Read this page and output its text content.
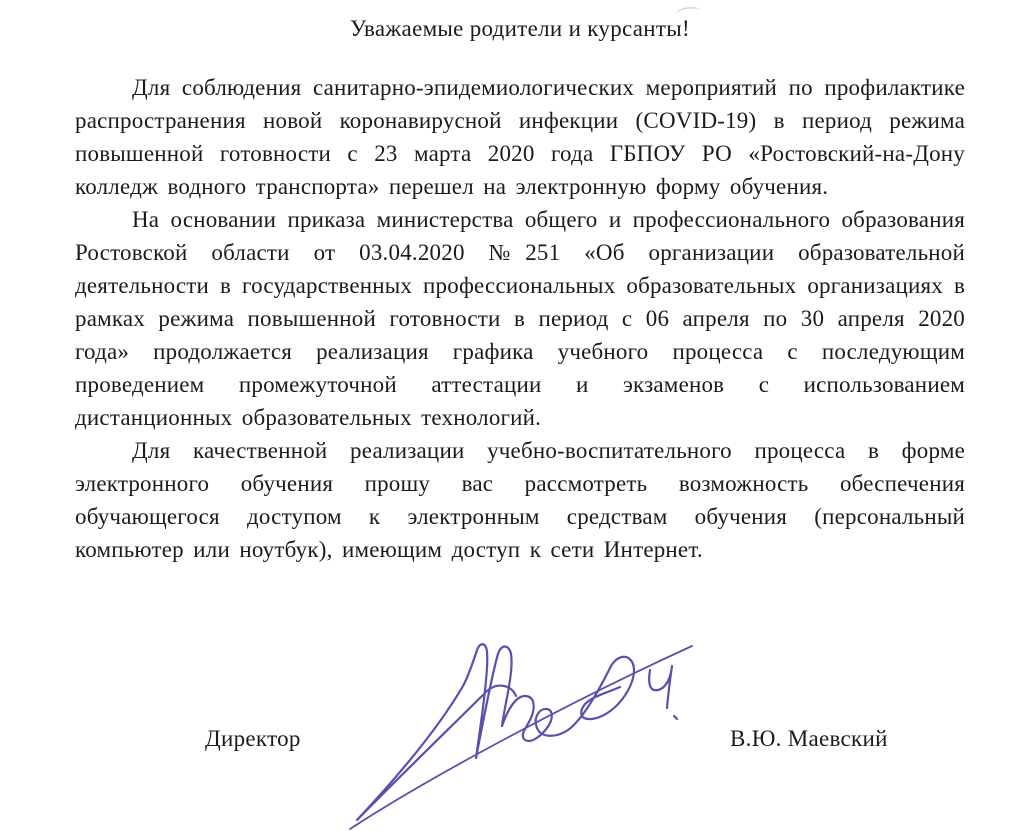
Уважаемые родители и курсанты!

Для соблюдения санитарно-эпидемиологических мероприятий по профилактике распространения новой коронавирусной инфекции (COVID-19) в период режима повышенной готовности с 23 марта 2020 года ГБПОУ РО «Ростовский-на-Дону колледж водного транспорта» перешел на электронную форму обучения.

На основании приказа министерства общего и профессионального образования Ростовской области от 03.04.2020 №251 «Об организации образовательной деятельности в государственных профессиональных образовательных организациях в рамках режима повышенной готовности в период с 06 апреля по 30 апреля 2020 года» продолжается реализация графика учебного процесса с последующим проведением промежуточной аттестации и экзаменов с использованием дистанционных образовательных технологий.

Для качественной реализации учебно-воспитательного процесса в форме электронного обучения прошу вас рассмотреть возможность обеспечения обучающегося доступом к электронным средствам обучения (персональный компьютер или ноутбук), имеющим доступ к сети Интернет.

Директор	В.Ю. Маевский
